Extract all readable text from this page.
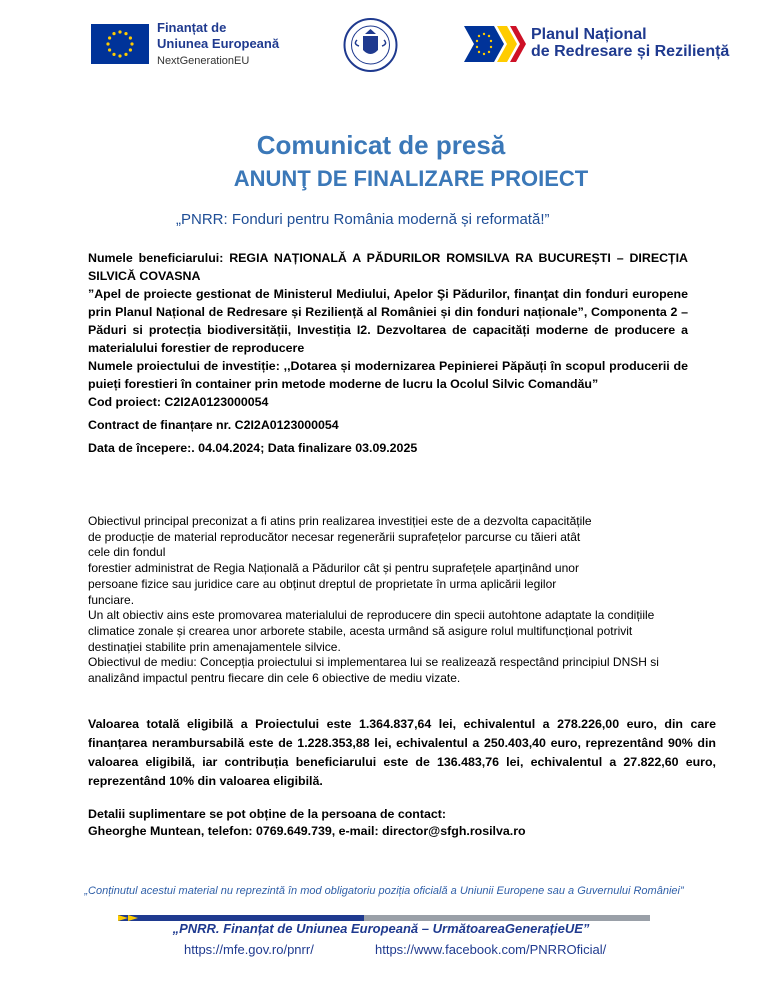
Finanțat de
Uniunea Europeană
NextGenerationEU
Planul Național
de Redresare și Reziliență
Comunicat de presă
ANUNŢ DE FINALIZARE PROIECT
„PNRR: Fonduri pentru România modernă și reformată!”

Numele beneficiarului: REGIA NAȚIONALĂ A PĂDURILOR ROMSILVA RA BUCUREȘTI – DIRECȚIA SILVICĂ COVASNA

”Apel de proiecte gestionat de Ministerul Mediului, Apelor Şi Pădurilor, finanţat din fonduri europene prin Planul Național de Redresare și Reziliență al României și din fonduri naționale”, Componenta 2 – Păduri si protecția biodiversității, Investiția I2. Dezvoltarea de capacități moderne de producere a materialului forestier de reproducere

Numele proiectului de investiție: ,,Dotarea și modernizarea Pepinierei Păpăuți în scopul producerii de puieți forestieri în container prin metode moderne de lucru la Ocolul Silvic Comandău”

Cod proiect: C2I2A0123000054

Contract de finanțare nr. C2I2A0123000054

Data de începere:. 04.04.2024; Data finalizare 03.09.2025

Obiectivul principal preconizat a fi atins prin realizarea investiției este de a dezvolta capacitățile

de producție de material reproducător necesar regenerării suprafețelor parcurse cu tăieri atât

cele din fondul

forestier administrat de Regia Națională a Pădurilor cât și pentru suprafețele aparținând unor

persoane fizice sau juridice care au obținut dreptul de proprietate în urma aplicării legilor

funciare.

Un alt obiectiv ains este promovarea materialului de reproducere din specii autohtone adaptate la condițiile

climatice zonale și crearea unor arborete stabile, acesta urmând să asigure rolul multifuncțional potrivit

destinației stabilite prin amenajamentele silvice.

Obiectivul de mediu: Concepția proiectului si implementarea lui se realizează respectând principiul DNSH si

analizând impactul pentru fiecare din cele 6 obiective de mediu vizate.

Valoarea totală eligibilă a Proiectului este 1.364.837,64 lei, echivalentul a 278.226,00 euro, din care finanțarea nerambursabilă este de 1.228.353,88 lei, echivalentul a 250.403,40 euro, reprezentând 90% din valoarea eligibilă, iar contribuția beneficiarului este de 136.483,76 lei, echivalentul a 27.822,60 euro, reprezentând 10% din valoarea eligibilă.

Detalii suplimentare se pot obține de la persoana de contact:

Gheorghe Muntean, telefon: 0769.649.739, e-mail: director@sfgh.rosilva.ro

„Conținutul acestui material nu reprezintă în mod obligatoriu poziția oficială a Uniunii Europene sau a Guvernului României”
„PNRR. Finanțat de Uniunea Europeană – UrmătoareaGenerațieUE”
https://mfe.gov.ro/pnrr/	https://www.facebook.com/PNRROficial/
